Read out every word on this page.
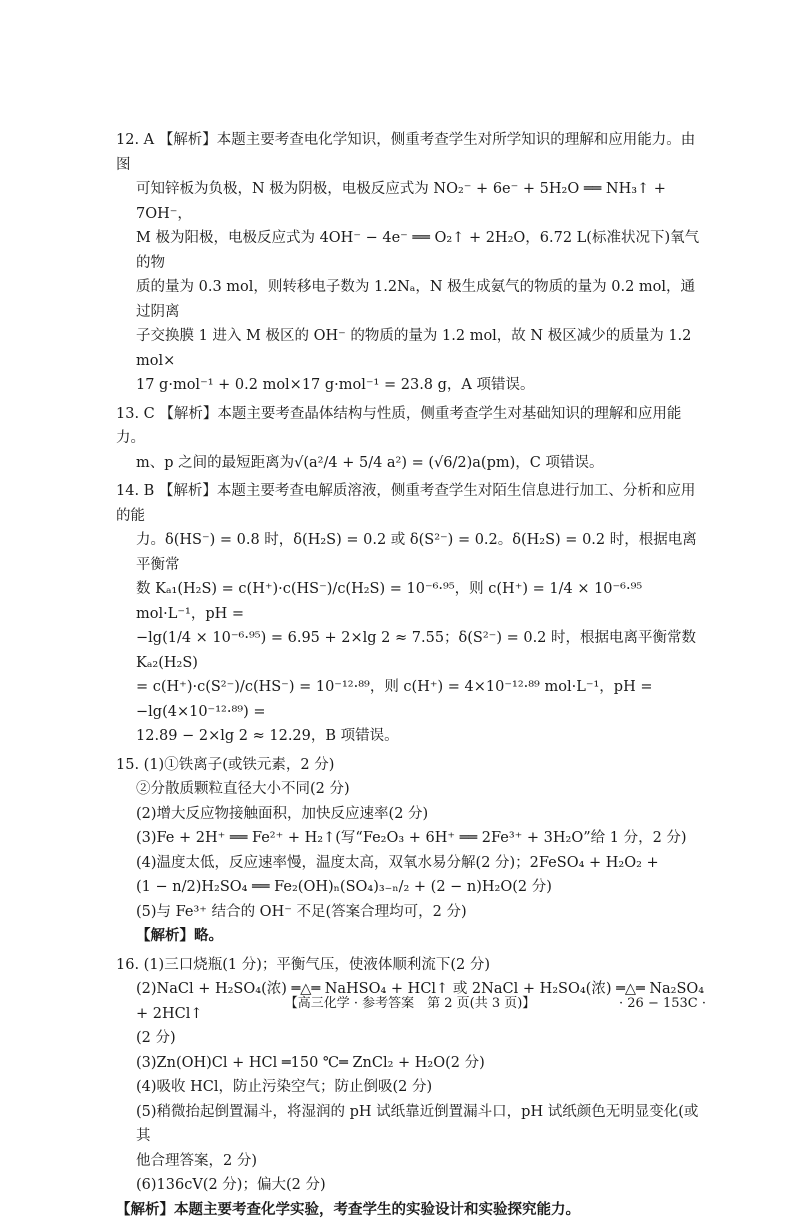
12. A 【解析】本题主要考查电化学知识，侧重考查学生对所学知识的理解和应用能力。由图

可知锌板为负极，N 极为阴极，电极反应式为 NO₂⁻ + 6e⁻ + 5H₂O ══ NH₃↑ + 7OH⁻，

M 极为阳极，电极反应式为 4OH⁻ − 4e⁻ ══ O₂↑ + 2H₂O，6.72 L(标准状况下)氧气的物

质的量为 0.3 mol，则转移电子数为 1.2Nₐ，N 极生成氨气的物质的量为 0.2 mol，通过阴离

子交换膜 1 进入 M 极区的 OH⁻ 的物质的量为 1.2 mol，故 N 极区减少的质量为 1.2 mol×

17 g·mol⁻¹ + 0.2 mol×17 g·mol⁻¹ = 23.8 g，A 项错误。

13. C 【解析】本题主要考查晶体结构与性质，侧重考查学生对基础知识的理解和应用能力。

m、p 之间的最短距离为√(a²/4 + 5/4 a²) = (√6/2)a(pm)，C 项错误。

14. B 【解析】本题主要考查电解质溶液，侧重考查学生对陌生信息进行加工、分析和应用的能

力。δ(HS⁻) = 0.8 时，δ(H₂S) = 0.2 或 δ(S²⁻) = 0.2。δ(H₂S) = 0.2 时，根据电离平衡常

数 Kₐ₁(H₂S) = c(H⁺)·c(HS⁻)/c(H₂S) = 10⁻⁶·⁹⁵，则 c(H⁺) = 1/4 × 10⁻⁶·⁹⁵ mol·L⁻¹，pH =

−lg(1/4 × 10⁻⁶·⁹⁵) = 6.95 + 2×lg 2 ≈ 7.55；δ(S²⁻) = 0.2 时，根据电离平衡常数 Kₐ₂(H₂S)

= c(H⁺)·c(S²⁻)/c(HS⁻) = 10⁻¹²·⁸⁹，则 c(H⁺) = 4×10⁻¹²·⁸⁹ mol·L⁻¹，pH = −lg(4×10⁻¹²·⁸⁹) =

12.89 − 2×lg 2 ≈ 12.29，B 项错误。

15. (1)①铁离子(或铁元素，2 分)

②分散质颗粒直径大小不同(2 分)

(2)增大反应物接触面积，加快反应速率(2 分)

(3)Fe + 2H⁺ ══ Fe²⁺ + H₂↑(写“Fe₂O₃ + 6H⁺ ══ 2Fe³⁺ + 3H₂O”给 1 分，2 分)

(4)温度太低，反应速率慢，温度太高，双氧水易分解(2 分)；2FeSO₄ + H₂O₂ +

(1 − n/2)H₂SO₄ ══ Fe₂(OH)ₙ(SO₄)₃₋ₙ/₂ + (2 − n)H₂O(2 分)

(5)与 Fe³⁺ 结合的 OH⁻ 不足(答案合理均可，2 分)

【解析】略。

16. (1)三口烧瓶(1 分)；平衡气压，使液体顺利流下(2 分)

(2)NaCl + H₂SO₄(浓) ═△═ NaHSO₄ + HCl↑ 或 2NaCl + H₂SO₄(浓) ═△═ Na₂SO₄ + 2HCl↑

(2 分)

(3)Zn(OH)Cl + HCl ═150 ℃═ ZnCl₂ + H₂O(2 分)

(4)吸收 HCl，防止污染空气；防止倒吸(2 分)

(5)稍微抬起倒置漏斗，将湿润的 pH 试纸靠近倒置漏斗口，pH 试纸颜色无明显变化(或其

他合理答案，2 分)

(6)136cV(2 分)；偏大(2 分)

【解析】本题主要考查化学实验，考查学生的实验设计和实验探究能力。

【高三化学 · 参考答案　第 2 页(共 3 页)】	· 26 − 153C ·
